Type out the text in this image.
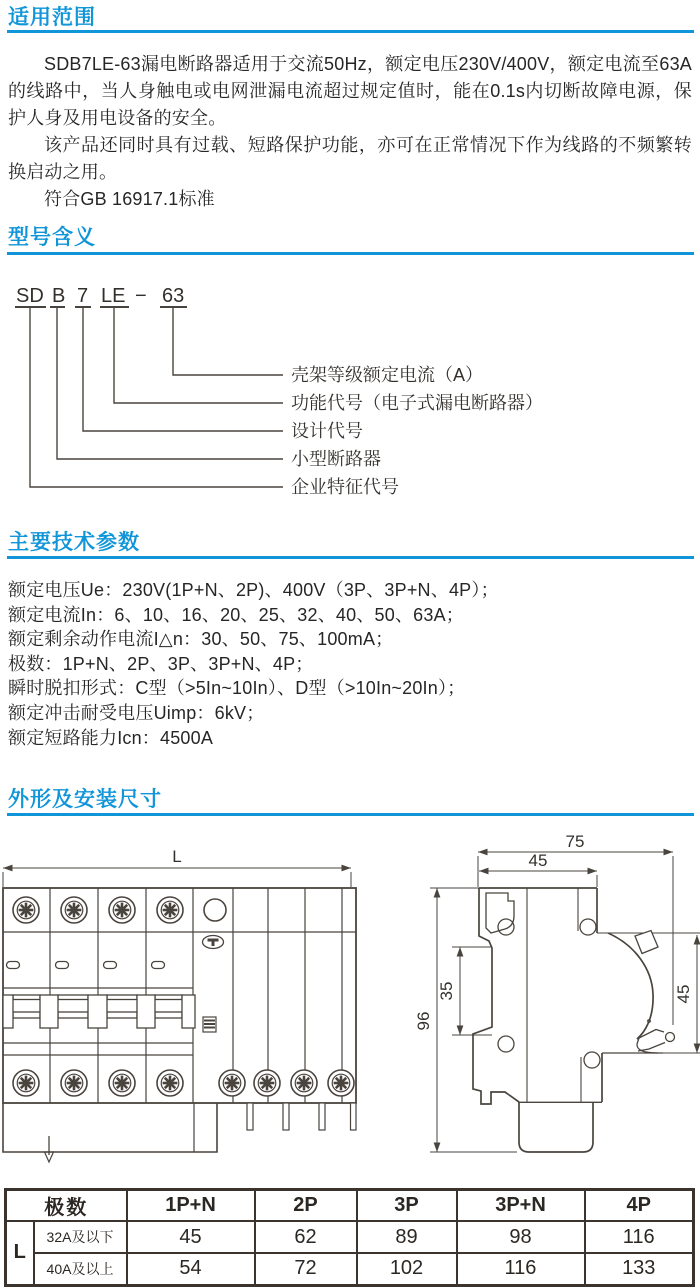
适用范围

SDB7LE-63漏电断路器适用于交流50Hz，额定电压230V/400V，额定电流至63A的线路中，当人身触电或电网泄漏电流超过规定值时，能在0.1s内切断故障电源，保护人身及用电设备的安全。

该产品还同时具有过载、短路保护功能，亦可在正常情况下作为线路的不频繁转换启动之用。

符合GB 16917.1标准

型号含义
SD B 7 LE − 63
壳架等级额定电流（A）
功能代号（电子式漏电断路器）
设计代号
小型断路器
企业特征代号
主要技术参数
额定电压Ue：230V(1P+N、2P)、400V（3P、3P+N、4P）；
额定电流In：6、10、16、20、25、32、40、50、63A；
额定剩余动作电流I△n：30、50、75、100mA；
极数：1P+N、2P、3P、3P+N、4P；
瞬时脱扣形式：C型（>5In~10In）、D型（>10In~20In）；
额定冲击耐受电压Uimp：6kV；
额定短路能力Icn：4500A
外形及安装尺寸
L
75
45
96
35	45
极数		1P+N	2P	3P	3P+N	4P
L	32A及以下	45	62	89	98	116
	40A及以上	54	72	102	116	133
